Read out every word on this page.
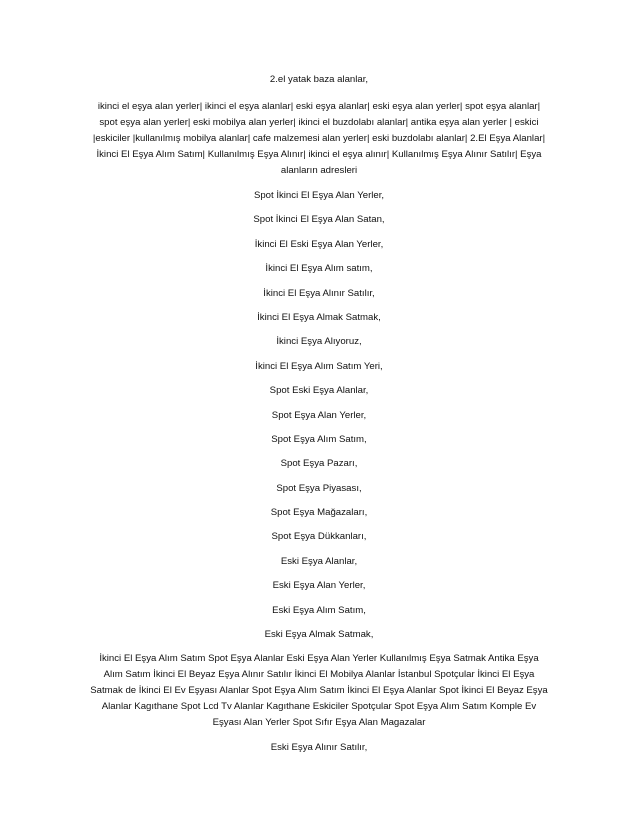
2.el yatak baza alanlar,

ikinci el eşya alan yerler| ikinci el eşya alanlar| eski eşya alanlar| eski eşya alan yerler| spot eşya alanlar| spot eşya alan yerler| eski mobilya alan yerler| ikinci el buzdolabı alanlar| antika eşya alan yerler | eskici |eskiciler |kullanılmış mobilya alanlar| cafe malzemesi alan yerler| eski buzdolabı alanlar| 2.El Eşya Alanlar| İkinci El Eşya Alım Satım| Kullanılmış Eşya Alınır| ikinci el eşya alınır| Kullanılmış Eşya Alınır Satılır| Eşya alanların adresleri

Spot İkinci El Eşya Alan Yerler,

Spot İkinci El Eşya Alan Satan,

İkinci El Eski Eşya Alan Yerler,

İkinci El Eşya Alım satım,

İkinci El Eşya Alınır Satılır,

İkinci El Eşya Almak Satmak,

İkinci Eşya Alıyoruz,

İkinci El Eşya Alım Satım Yeri,

Spot Eski Eşya Alanlar,

Spot Eşya Alan Yerler,

Spot Eşya Alım Satım,

Spot Eşya Pazarı,

Spot Eşya Piyasası,

Spot Eşya Mağazaları,

Spot Eşya Dükkanları,

Eski Eşya Alanlar,

Eski Eşya Alan Yerler,

Eski Eşya Alım Satım,

Eski Eşya Almak Satmak,

İkinci El Eşya Alım Satım Spot Eşya Alanlar Eski Eşya Alan Yerler Kullanılmış Eşya Satmak Antika Eşya Alım Satım İkinci El Beyaz Eşya Alınır Satılır İkinci El Mobilya Alanlar İstanbul Spotçular İkinci El Eşya Satmak de İkinci El Ev Eşyası Alanlar Spot Eşya Alım Satım İkinci El Eşya Alanlar Spot İkinci El Beyaz Eşya Alanlar Kagıthane Spot Lcd Tv Alanlar Kagıthane Eskiciler Spotçular Spot Eşya Alım Satım Komple Ev Eşyası Alan Yerler Spot Sıfır Eşya Alan Magazalar

Eski Eşya Alınır Satılır,
